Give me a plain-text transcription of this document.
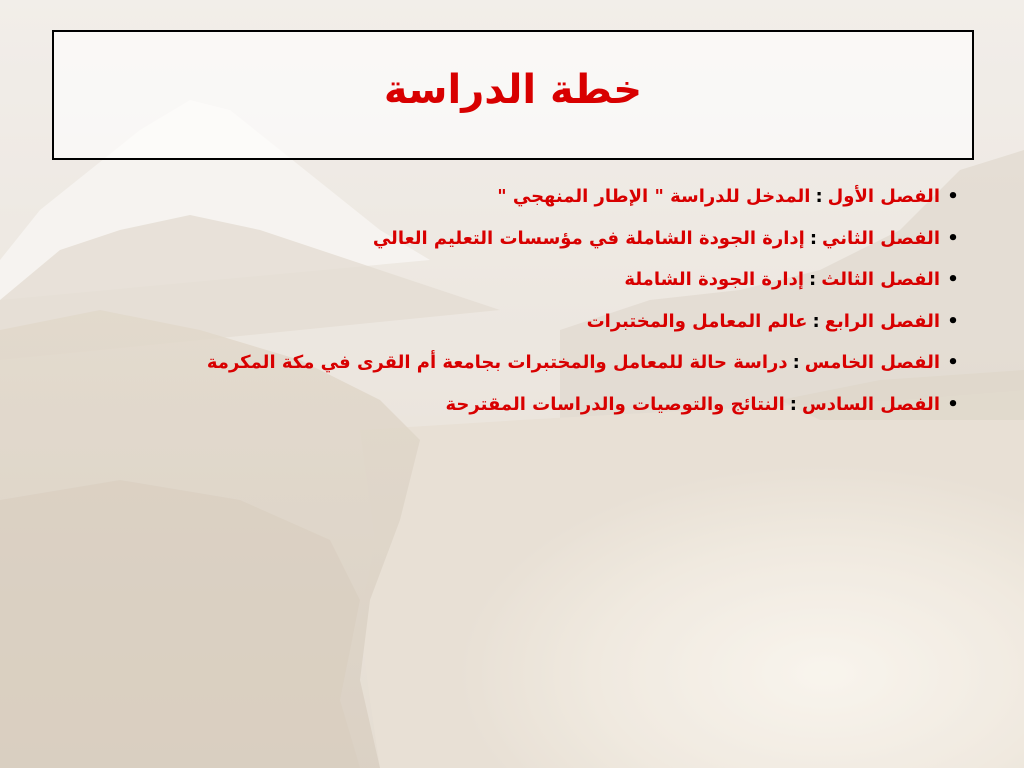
خطة الدراسة
•
الفصل الأول
:
المدخل للدراسة " الإطار المنهجي "
•
الفصل الثاني
:
إدارة الجودة الشاملة في مؤسسات التعليم العالي
•
الفصل الثالث
:
إدارة الجودة الشاملة
•
الفصل الرابع
:
عالم المعامل والمختبرات
•
الفصل الخامس
:
دراسة حالة للمعامل والمختبرات بجامعة أم القرى في مكة المكرمة
•
الفصل السادس
:
النتائج والتوصيات والدراسات المقترحة
